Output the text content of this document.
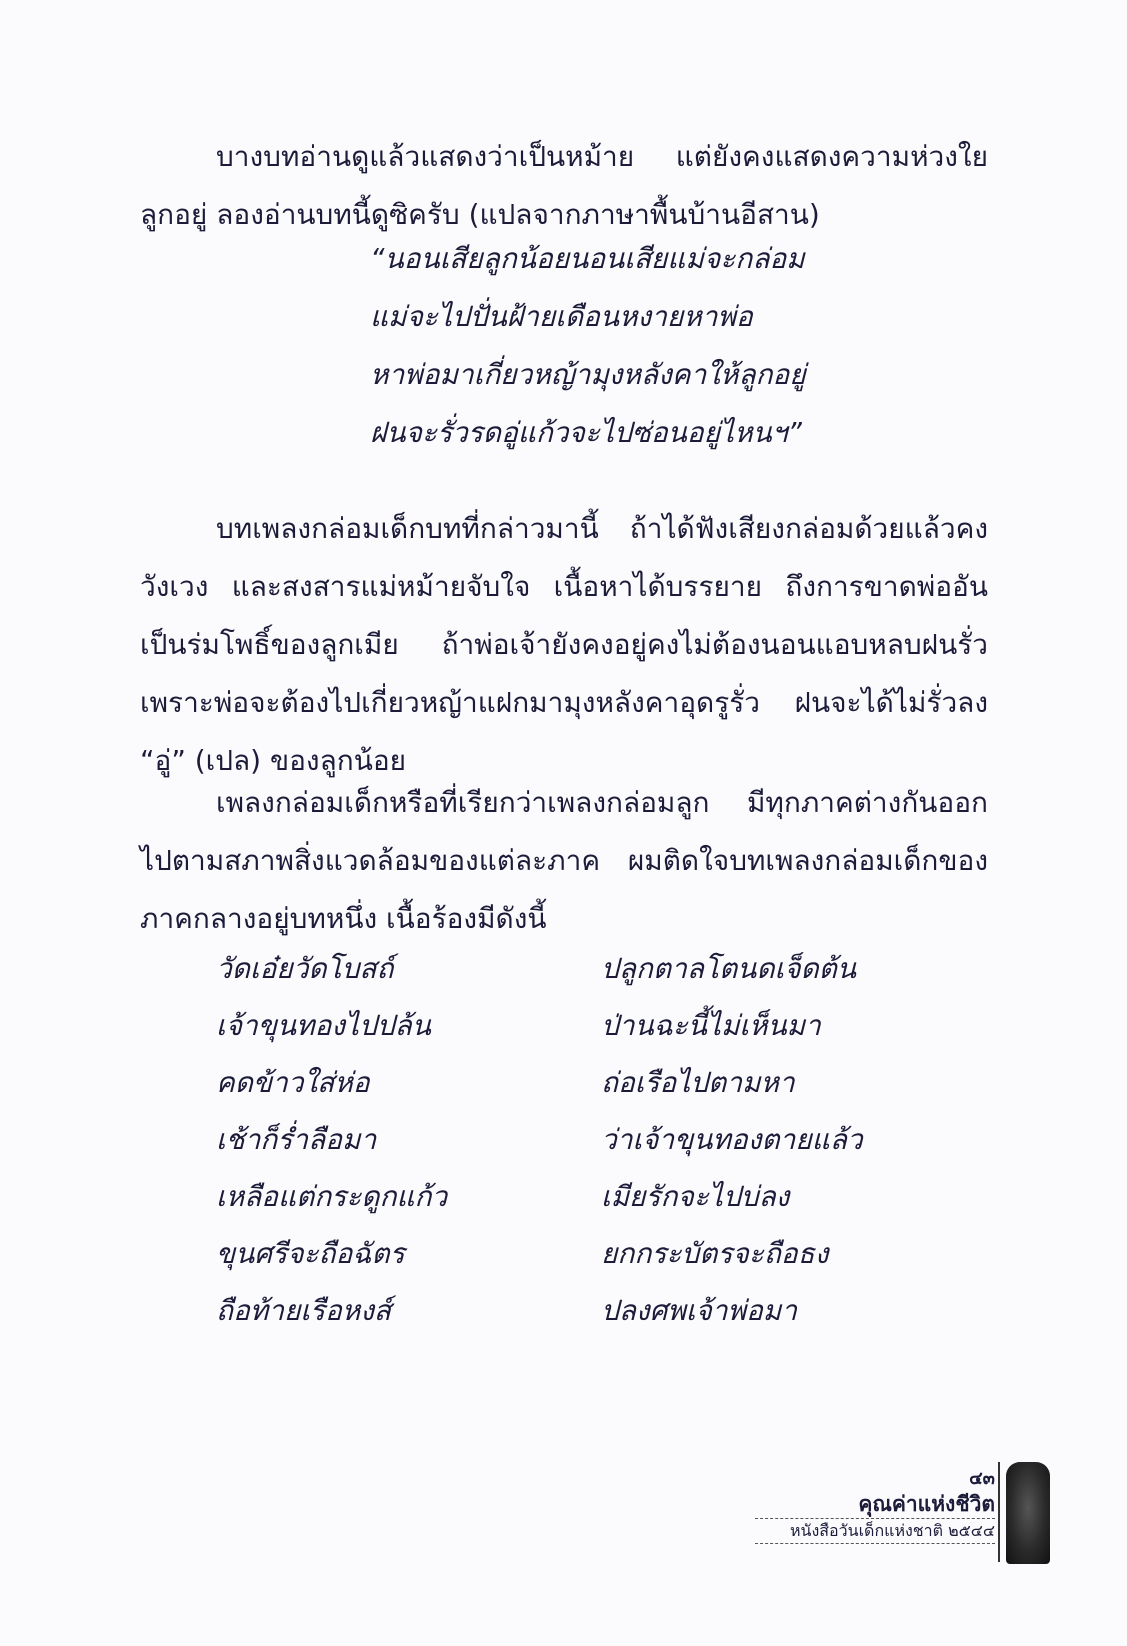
บางบทอ่านดูแล้วแสดงว่าเป็นหม้าย แต่ยังคงแสดงความห่วงใยลูกอยู่ ลองอ่านบทนี้ดูซิครับ (แปลจากภาษาพื้นบ้านอีสาน)

“นอนเสียลูกน้อยนอนเสียแม่จะกล่อม
แม่จะไปปั่นฝ้ายเดือนหงายหาพ่อ
หาพ่อมาเกี่ยวหญ้ามุงหลังคาให้ลูกอยู่
ฝนจะรั่วรดอู่แก้วจะไปซ่อนอยู่ไหนฯ”

บทเพลงกล่อมเด็กบทที่กล่าวมานี้ ถ้าได้ฟังเสียงกล่อมด้วยแล้วคงวังเวง และสงสารแม่หม้ายจับใจ เนื้อหาได้บรรยาย ถึงการขาดพ่ออันเป็นร่มโพธิ์ของลูกเมีย ถ้าพ่อเจ้ายังคงอยู่คงไม่ต้องนอนแอบหลบฝนรั่ว เพราะพ่อจะต้องไปเกี่ยวหญ้าแฝกมามุงหลังคาอุดรูรั่ว ฝนจะได้ไม่รั่วลง “อู่” (เปล) ของลูกน้อย

เพลงกล่อมเด็กหรือที่เรียกว่าเพลงกล่อมลูก มีทุกภาคต่างกันออกไปตามสภาพสิ่งแวดล้อมของแต่ละภาค ผมติดใจบทเพลงกล่อมเด็กของภาคกลางอยู่บทหนึ่ง เนื้อร้องมีดังนี้

วัดเอ๋ยวัดโบสถ์	ปลูกตาลโตนดเจ็ดต้น
เจ้าขุนทองไปปล้น	ป่านฉะนี้ไม่เห็นมา
คดข้าวใส่ห่อ	ถ่อเรือไปตามหา
เช้าก็ร่ำลือมา	ว่าเจ้าขุนทองตายแล้ว
เหลือแต่กระดูกแก้ว	เมียรักจะไปบ่ลง
ขุนศรีจะถือฉัตร	ยกกระบัตรจะถือธง
ถือท้ายเรือหงส์	ปลงศพเจ้าพ่อมา
๔๓
คุณค่าแห่งชีวิต
หนังสือวันเด็กแห่งชาติ ๒๕๔๔
